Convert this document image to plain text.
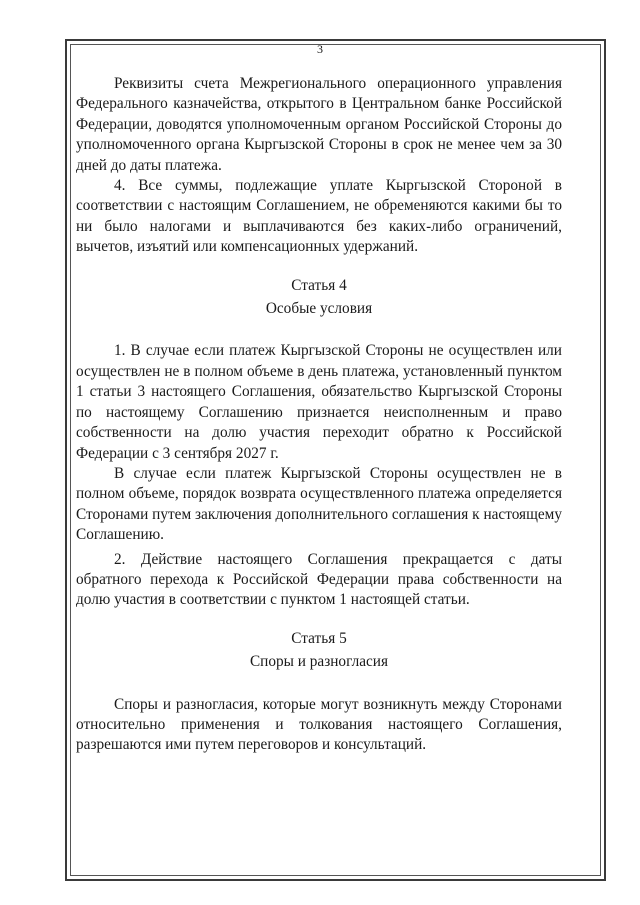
3

Реквизиты счета Межрегионального операционного управления Федерального казначейства, открытого в Центральном банке Российской Федерации, доводятся уполномоченным органом Российской Стороны до уполномоченного органа Кыргызской Стороны в срок не менее чем за 30 дней до даты платежа.

4. Все суммы, подлежащие уплате Кыргызской Стороной в соответствии с настоящим Соглашением, не обременяются какими бы то ни было налогами и выплачиваются без каких-либо ограничений, вычетов, изъятий или компенсационных удержаний.

Статья 4

Особые условия

1. В случае если платеж Кыргызской Стороны не осуществлен или осуществлен не в полном объеме в день платежа, установленный пунктом 1 статьи 3 настоящего Соглашения, обязательство Кыргызской Стороны по настоящему Соглашению признается неисполненным и право собственности на долю участия переходит обратно к Российской Федерации с 3 сентября 2027 г.

В случае если платеж Кыргызской Стороны осуществлен не в полном объеме, порядок возврата осуществленного платежа определяется Сторонами путем заключения дополнительного соглашения к настоящему Соглашению.

2. Действие настоящего Соглашения прекращается с даты обратного перехода к Российской Федерации права собственности на долю участия в соответствии с пунктом 1 настоящей статьи.

Статья 5

Споры и разногласия

Споры и разногласия, которые могут возникнуть между Сторонами относительно применения и толкования настоящего Соглашения, разрешаются ими путем переговоров и консультаций.
